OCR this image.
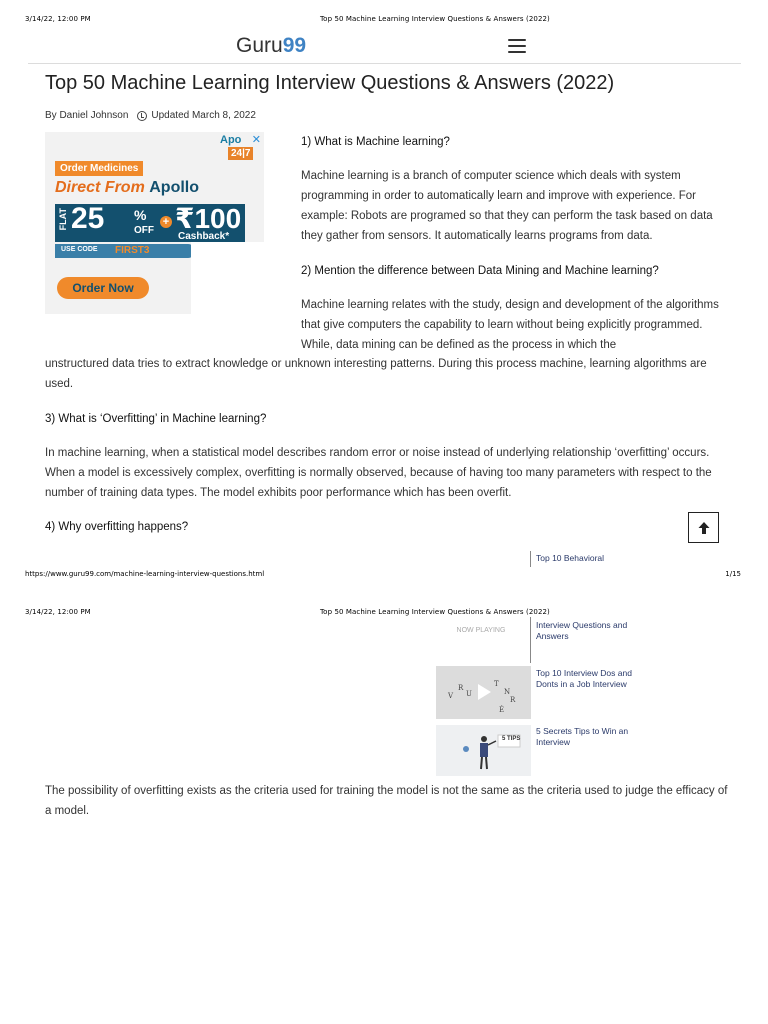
3/14/22, 12:00 PM	Top 50 Machine Learning Interview Questions & Answers (2022)
Guru99
Top 50 Machine Learning Interview Questions & Answers (2022)
By Daniel Johnson Updated March 8, 2022
Apo ✕
24|7
Order Medicines
Direct From Apollo
FLAT 25 %
OFF
+ ₹100
Cashback*
USE CODE FIRST3
Order Now
1) What is Machine learning?

Machine learning is a branch of computer science which deals with system programming in order to automatically learn and improve with experience. For example: Robots are programed so that they can perform the task based on data they gather from sensors. It automatically learns programs from data.

2) Mention the difference between Data Mining and Machine learning?

Machine learning relates with the study, design and development of the algorithms that give computers the capability to learn without being explicitly programmed. While, data mining can be defined as the process in which the

unstructured data tries to extract knowledge or unknown interesting patterns. During this process machine, learning algorithms are used.

3) What is ‘Overfitting’ in Machine learning?

In machine learning, when a statistical model describes random error or noise instead of underlying relationship ‘overfitting’ occurs. When a model is excessively complex, overfitting is normally observed, because of having too many parameters with respect to the number of training data types. The model exhibits poor performance which has been overfit.

4) Why overfitting happens?
Top 10 Behavioral
https://www.guru99.com/machine-learning-interview-questions.html	1/15
3/14/22, 12:00 PM	Top 50 Machine Learning Interview Questions & Answers (2022)
Interview Questions and Answers
NOW PLAYING
R
U
T
N
R
É
V
Top 10 Interview Dos and Donts in a Job Interview
5 TIPS
5 Secrets Tips to Win an Interview

The possibility of overfitting exists as the criteria used for training the model is not the same as the criteria used to judge the efficacy of a model.
